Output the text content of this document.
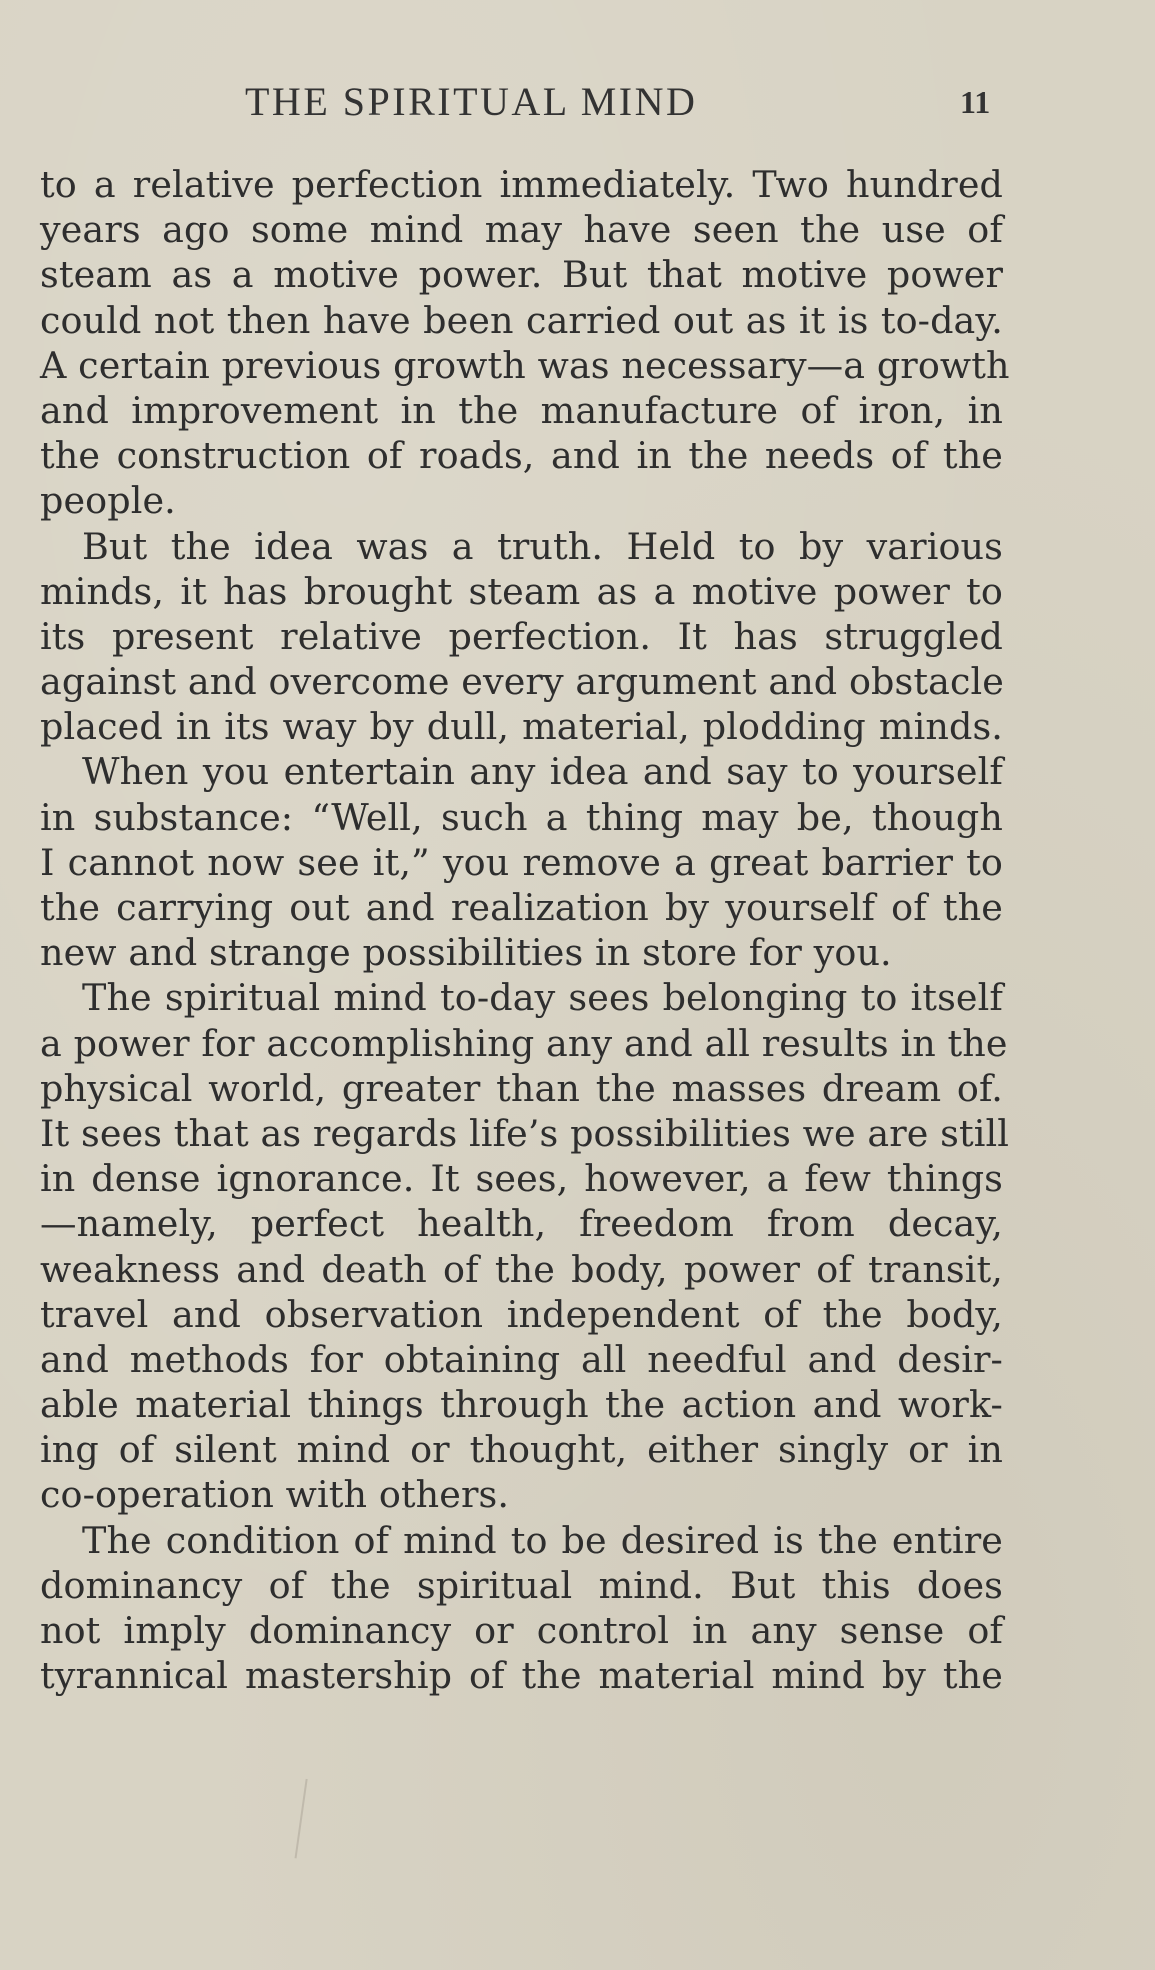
THE SPIRITUAL MIND	11
to a relative perfection immediately. Two hundred
years ago some mind may have seen the use of
steam as a motive power. But that motive power
could not then have been carried out as it is to-day.
A certain previous growth was necessary—a growth
and improvement in the manufacture of iron, in
the construction of roads, and in the needs of the
people.
But the idea was a truth. Held to by various
minds, it has brought steam as a motive power to
its present relative perfection. It has struggled
against and overcome every argument and obstacle
placed in its way by dull, material, plodding minds.
When you entertain any idea and say to yourself
in substance: “Well, such a thing may be, though
I cannot now see it,” you remove a great barrier to
the carrying out and realization by yourself of the
new and strange possibilities in store for you.
The spiritual mind to-day sees belonging to itself
a power for accomplishing any and all results in the
physical world, greater than the masses dream of.
It sees that as regards life’s possibilities we are still
in dense ignorance. It sees, however, a few things
—namely, perfect health, freedom from decay,
weakness and death of the body, power of transit,
travel and observation independent of the body,
and methods for obtaining all needful and desir-
able material things through the action and work-
ing of silent mind or thought, either singly or in
co-operation with others.
The condition of mind to be desired is the entire
dominancy of the spiritual mind. But this does
not imply dominancy or control in any sense of
tyrannical mastership of the material mind by the
